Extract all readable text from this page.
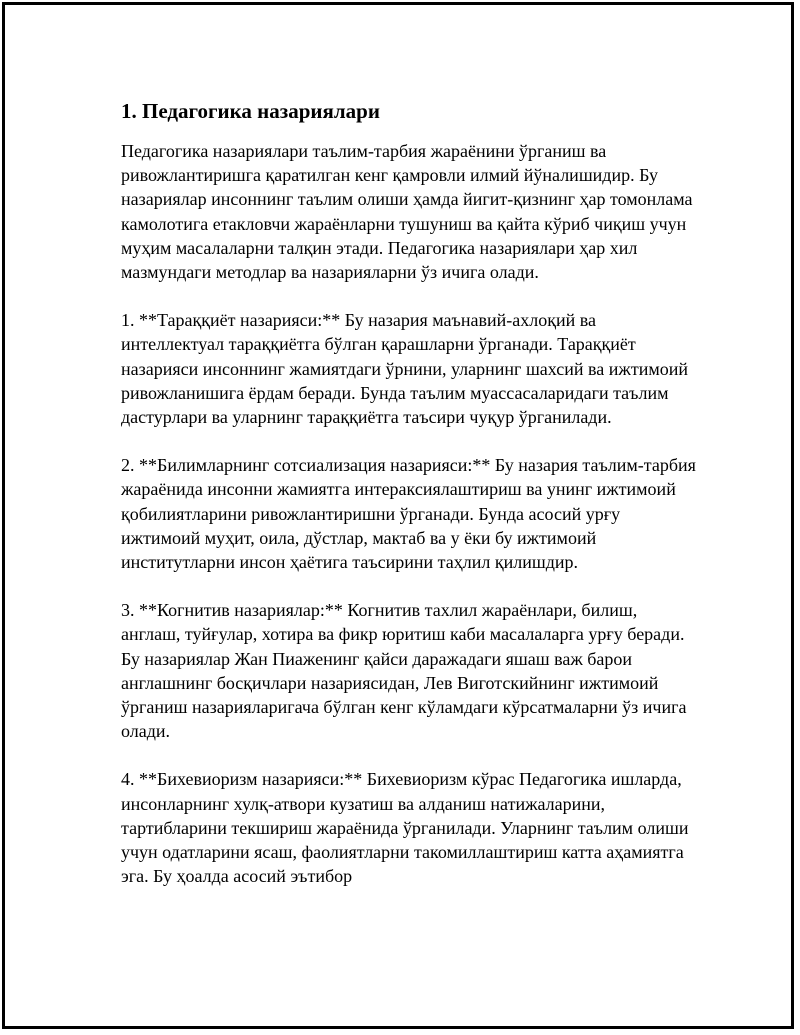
1. Педагогика назариялари

Педагогика назариялари таълим-тарбия жараёнини ўрганиш ва ривожлантиришга қаратилган кенг қамровли илмий йўналишидир. Бу назариялар инсоннинг таълим олиши ҳамда йигит-қизнинг ҳар томонлама камолотига етакловчи жараёнларни тушуниш ва қайта кўриб чиқиш учун муҳим масалаларни талқин этади. Педагогика назариялари ҳар хил мазмундаги методлар ва назарияларни ўз ичига олади.

1. **Тараққиёт назарияси:** Бу назария маънавий-ахлоқий ва интеллектуал тараққиётга бўлган қарашларни ўрганади. Тараққиёт назарияси инсоннинг жамиятдаги ўрнини, уларнинг шахсий ва ижтимоий ривожланишига ёрдам беради. Бунда таълим муассасаларидаги таълим дастурлари ва уларнинг тараққиётга таъсири чуқур ўрганилади.

2. **Билимларнинг сотсиализация назарияси:** Бу назария таълим-тарбия жараёнида инсонни жамиятга интераксиялаштириш ва унинг ижтимоий қобилиятларини ривожлантиришни ўрганади. Бунда асосий урғу ижтимоий муҳит, оила, дўстлар, мактаб ва у ёки бу ижтимоий институтларни инсон ҳаётига таъсирини таҳлил қилишдир.

3. **Когнитив назариялар:** Когнитив тахлил жараёнлари, билиш, англаш, туйғулар, хотира ва фикр юритиш каби масалаларга урғу беради. Бу назариялар Жан Пиаженинг қайси даражадаги яшаш важ барои англашнинг босқичлари назариясидан, Лев Виготскийнинг ижтимоий ўрганиш назарияларигача бўлган кенг кўламдаги кўрсатмаларни ўз ичига олади.

4. **Бихевиоризм назарияси:** Бихевиоризм кўрас Педагогика ишларда, инсонларнинг хулқ-атвори кузатиш ва алданиш натижаларини, тартибларини текшириш жараёнида ўрганилади. Уларнинг таълим олиши учун одатларини ясаш, фаолиятларни такомиллаштириш катта аҳамиятга эга. Бу ҳоалда асосий эътибор
